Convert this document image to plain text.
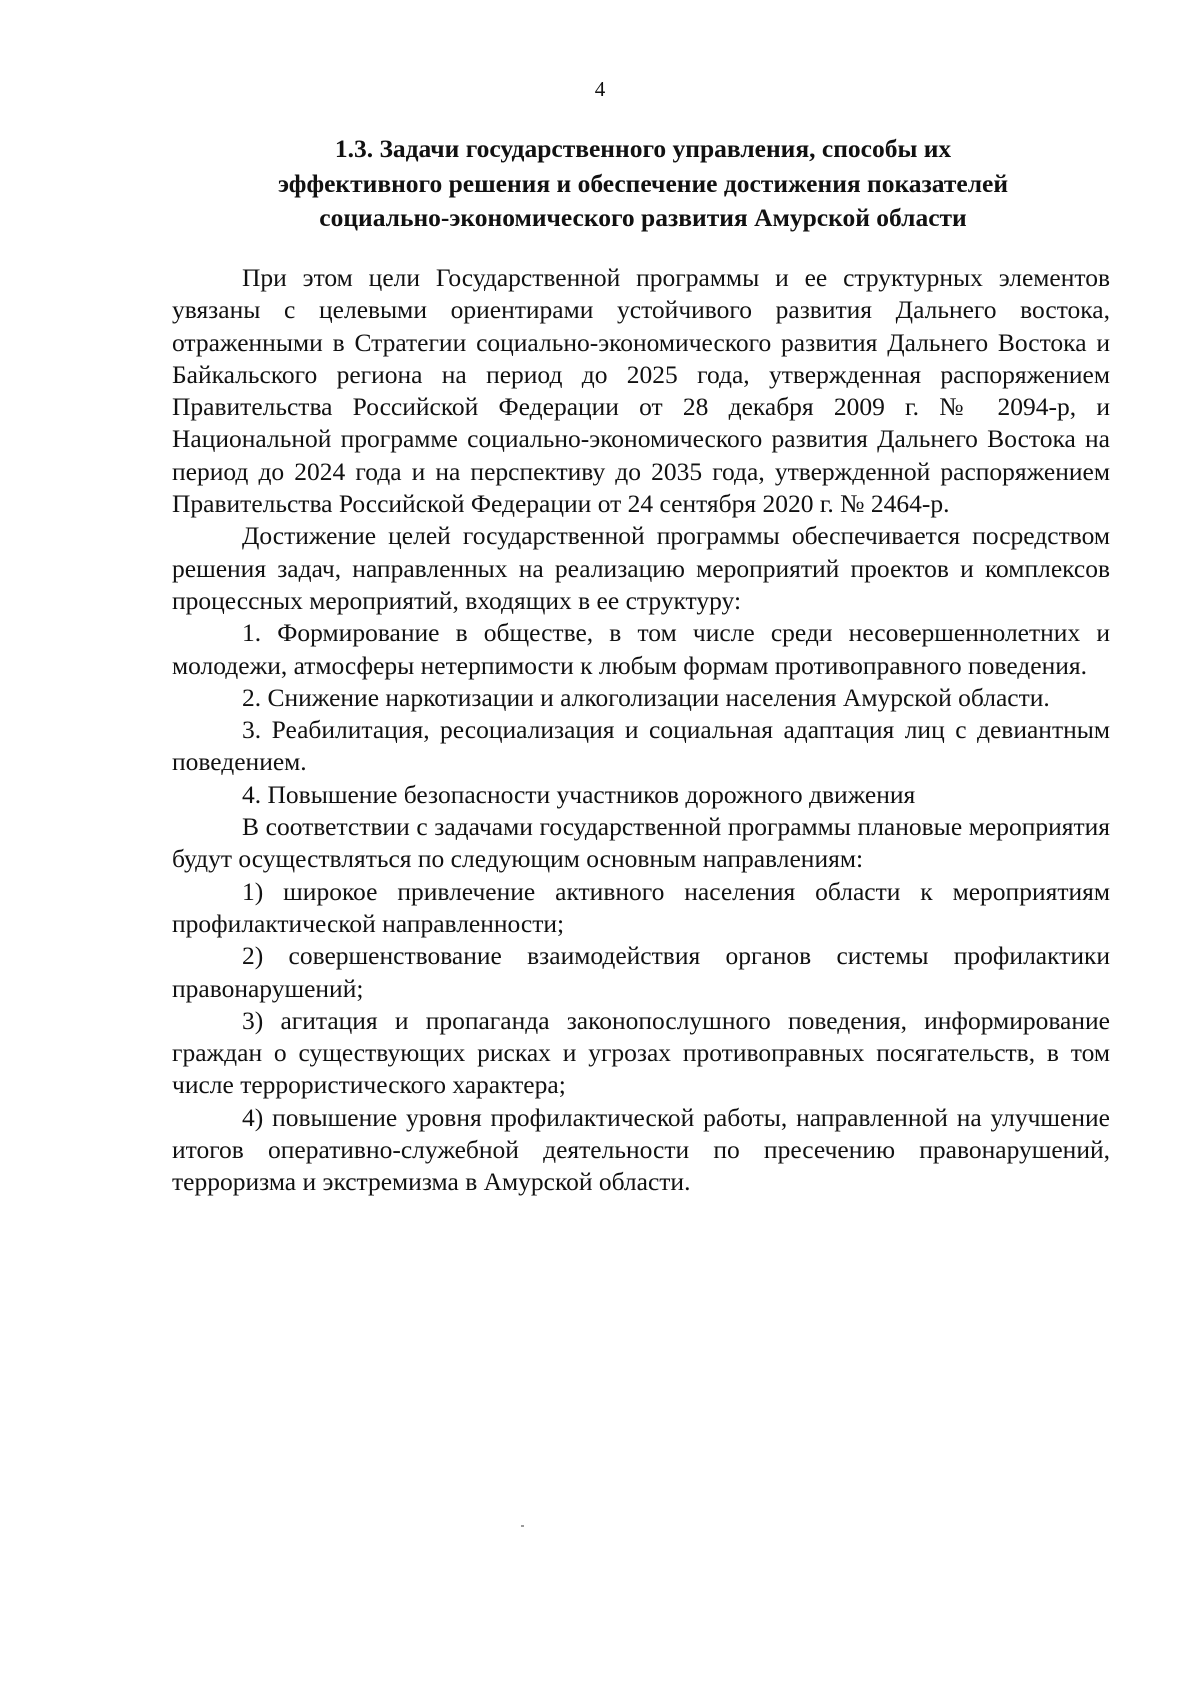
4
1.3. Задачи государственного управления, способы их
эффективного решения и обеспечение достижения показателей
социально-экономического развития Амурской области

При этом цели Государственной программы и ее структурных элементов увязаны с целевыми ориентирами устойчивого развития Дальнего востока, отраженными в Стратегии социально-экономического развития Дальнего Востока и Байкальского региона на период до 2025 года, утвержденная распоряжением Правительства Российской Федерации от 28 декабря 2009 г. № 2094-р, и Национальной программе социально-экономического развития Дальнего Востока на период до 2024 года и на перспективу до 2035 года, утвержденной распоряжением Правительства Российской Федерации от 24 сентября 2020 г. № 2464-р.

Достижение целей государственной программы обеспечивается посредством решения задач, направленных на реализацию мероприятий проектов и комплексов процессных мероприятий, входящих в ее структуру:

1. Формирование в обществе, в том числе среди несовершеннолетних и молодежи, атмосферы нетерпимости к любым формам противоправного поведения.

2. Снижение наркотизации и алкоголизации населения Амурской области.

3. Реабилитация, ресоциализация и социальная адаптация лиц с девиантным поведением.

4. Повышение безопасности участников дорожного движения

В соответствии с задачами государственной программы плановые мероприятия будут осуществляться по следующим основным направлениям:

1) широкое привлечение активного населения области к мероприятиям профилактической направленности;

2) совершенствование взаимодействия органов системы профилактики правонарушений;

3) агитация и пропаганда законопослушного поведения, информирование граждан о существующих рисках и угрозах противоправных посягательств, в том числе террористического характера;

4) повышение уровня профилактической работы, направленной на улучшение итогов оперативно-служебной деятельности по пресечению правонарушений, терроризма и экстремизма в Амурской области.
